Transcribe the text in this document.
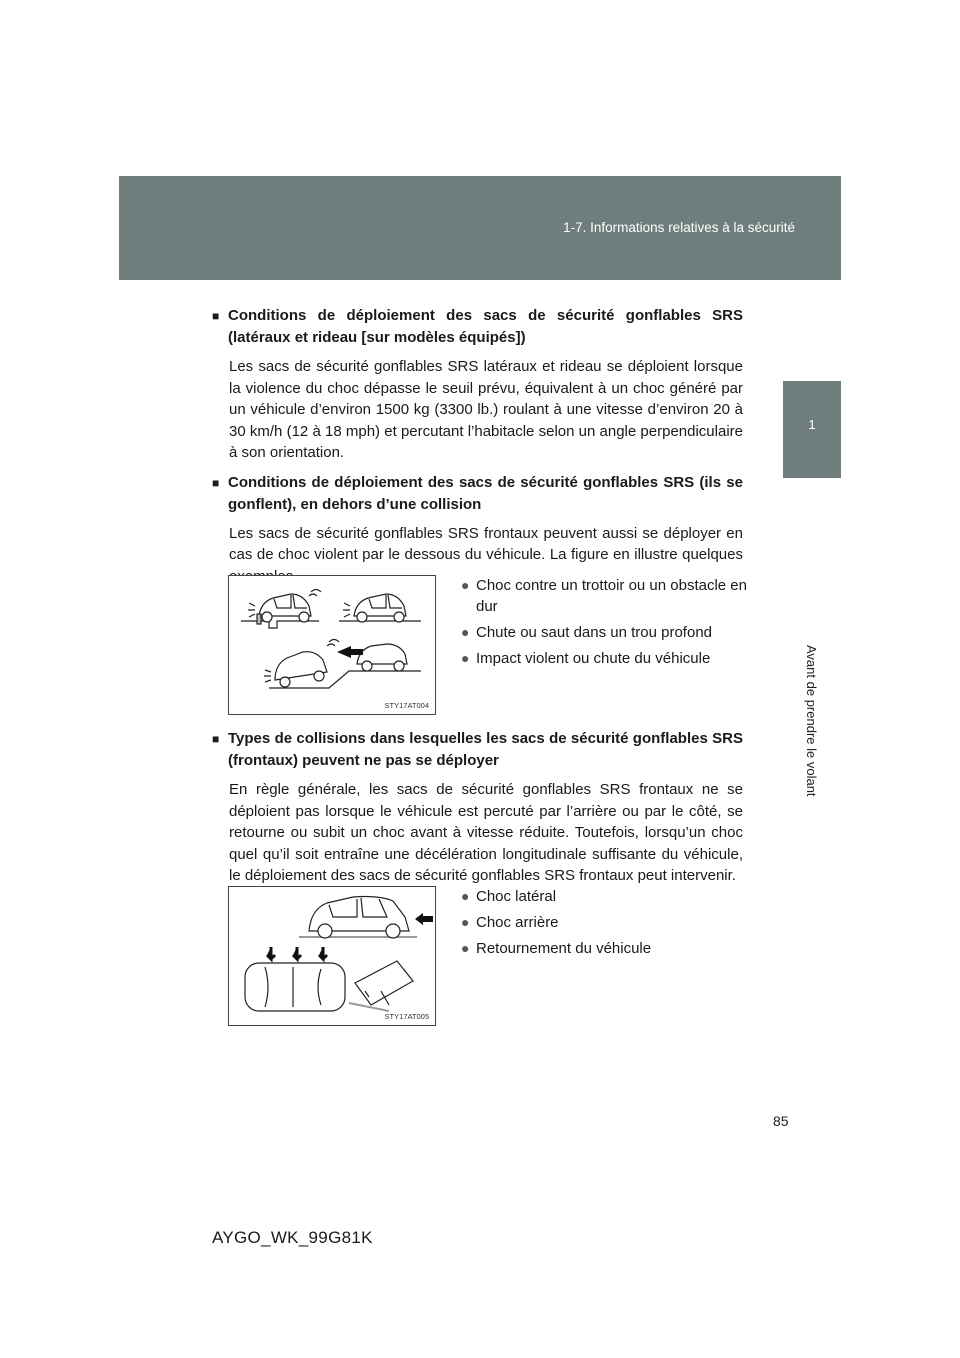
1-7. Informations relatives à la sécurité
1
Avant de prendre le volant
■ Conditions de déploiement des sacs de sécurité gonflables SRS (latéraux et rideau [sur modèles équipés])
Les sacs de sécurité gonflables SRS latéraux et rideau se déploient lorsque la violence du choc dépasse le seuil prévu, équivalent à un choc généré par un véhicule d’environ 1500 kg (3300 lb.) roulant à une vitesse d’environ 20 à 30 km/h (12 à 18 mph) et percutant l’habitacle selon un angle perpendiculaire à son orientation.
■ Conditions de déploiement des sacs de sécurité gonflables SRS (ils se gonflent), en dehors d’une collision
Les sacs de sécurité gonflables SRS frontaux peuvent aussi se déployer en cas de choc violent par le dessous du véhicule. La figure en illustre quelques
STY17AT004
● Choc contre un trottoir ou un obstacle en dur
● Chute ou saut dans un trou profond
● Impact violent ou chute du véhicule
■ Types de collisions dans lesquelles les sacs de sécurité gonflables SRS (frontaux) peuvent ne pas se déployer
En règle générale, les sacs de sécurité gonflables SRS frontaux ne se déploient pas lorsque le véhicule est percuté par l’arrière ou par le côté, se retourne ou subit un choc avant à vitesse réduite. Toutefois, lorsqu’un choc quel qu’il soit entraîne une décélération longitudinale suffisante du véhicule, le déploiement des sacs de sécurité gonflables SRS frontaux peut intervenir.
STY17AT005
● Choc latéral
● Choc arrière
● Retournement du véhicule
85
AYGO_WK_99G81K
